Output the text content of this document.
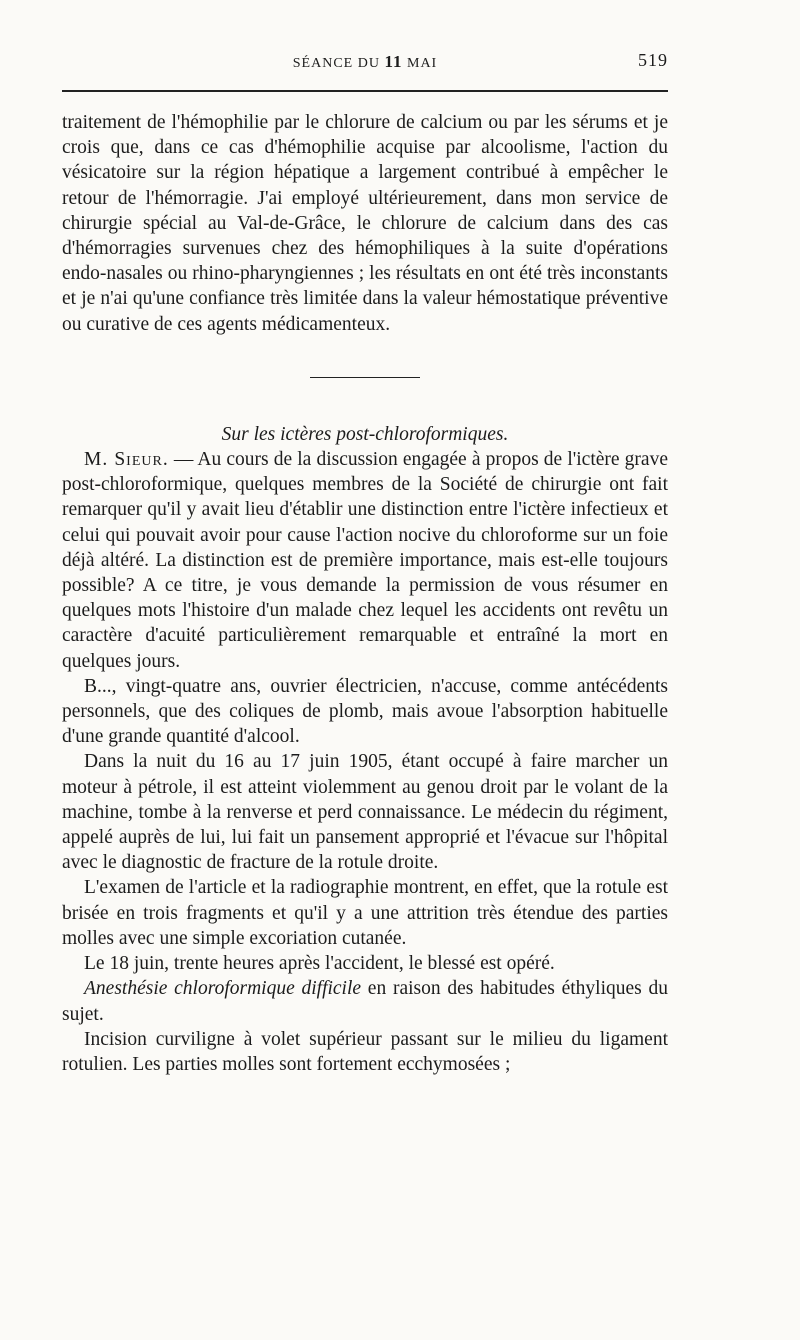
SÉANCE DU 11 MAI	519

traitement de l'hémophilie par le chlorure de calcium ou par les sérums et je crois que, dans ce cas d'hémophilie acquise par alcoolisme, l'action du vésicatoire sur la région hépatique a largement contribué à empêcher le retour de l'hémorragie. J'ai employé ultérieurement, dans mon service de chirurgie spécial au Val-de-Grâce, le chlorure de calcium dans des cas d'hémorragies survenues chez des hémophiliques à la suite d'opérations endo-nasales ou rhino-pharyngiennes ; les résultats en ont été très inconstants et je n'ai qu'une confiance très limitée dans la valeur hémostatique préventive ou curative de ces agents médicamenteux.

Sur les ictères post-chloroformiques.

M. Sieur. — Au cours de la discussion engagée à propos de l'ictère grave post-chloroformique, quelques membres de la Société de chirurgie ont fait remarquer qu'il y avait lieu d'établir une distinction entre l'ictère infectieux et celui qui pouvait avoir pour cause l'action nocive du chloroforme sur un foie déjà altéré. La distinction est de première importance, mais est-elle toujours possible? A ce titre, je vous demande la permission de vous résumer en quelques mots l'histoire d'un malade chez lequel les accidents ont revêtu un caractère d'acuité particulièrement remarquable et entraîné la mort en quelques jours.

B..., vingt-quatre ans, ouvrier électricien, n'accuse, comme antécédents personnels, que des coliques de plomb, mais avoue l'absorption habituelle d'une grande quantité d'alcool.

Dans la nuit du 16 au 17 juin 1905, étant occupé à faire marcher un moteur à pétrole, il est atteint violemment au genou droit par le volant de la machine, tombe à la renverse et perd connaissance. Le médecin du régiment, appelé auprès de lui, lui fait un pansement approprié et l'évacue sur l'hôpital avec le diagnostic de fracture de la rotule droite.

L'examen de l'article et la radiographie montrent, en effet, que la rotule est brisée en trois fragments et qu'il y a une attrition très étendue des parties molles avec une simple excoriation cutanée.

Le 18 juin, trente heures après l'accident, le blessé est opéré.

Anesthésie chloroformique difficile en raison des habitudes éthyliques du sujet.

Incision curviligne à volet supérieur passant sur le milieu du ligament rotulien. Les parties molles sont fortement ecchymosées ;
